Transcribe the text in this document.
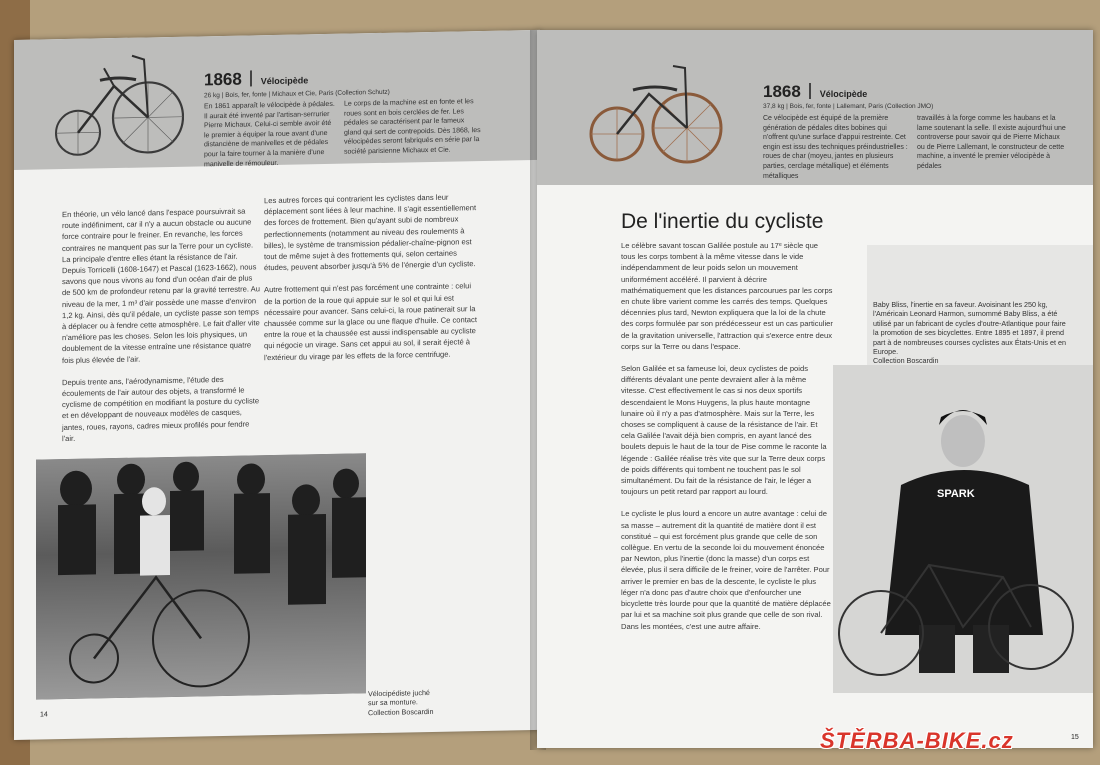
1868 Vélocipède
26 kg | Bois, fer, fonte | Michaux et Cie, Paris (Collection Schutz)
En 1861 apparaît le vélocipède à pédales. Il aurait été inventé par l'artisan-serrurier Pierre Michaux. Celui-ci semble avoir été le premier à équiper la roue avant d'une distanciène de manivelles et de pédales pour la faire tourner à la manière d'une manivelle de rémouleur.
Le corps de la machine est en fonte et les roues sont en bois cerclées de fer. Les pédales se caractérisent par le fameux gland qui sert de contrepoids. Dès 1868, les vélocipèdes seront fabriqués en série par la société parisienne Michaux et Cie.

En théorie, un vélo lancé dans l'espace poursuivrait sa route indéfiniment, car il n'y a aucun obstacle ou aucune force contraire pour le freiner. En revanche, les forces contraires ne manquent pas sur la Terre pour un cycliste. La principale d'entre elles étant la résistance de l'air. Depuis Torricelli (1608-1647) et Pascal (1623-1662), nous savons que nous vivons au fond d'un océan d'air de plus de 500 km de profondeur retenu par la gravité terrestre. Au niveau de la mer, 1 m³ d'air possède une masse d'environ 1,2 kg. Ainsi, dès qu'il pédale, un cycliste passe son temps à déplacer ou à fendre cette atmosphère. Le fait d'aller vite n'améliore pas les choses. Selon les lois physiques, un doublement de la vitesse entraîne une résistance quatre fois plus élevée de l'air.

Depuis trente ans, l'aérodynamisme, l'étude des écoulements de l'air autour des objets, a transformé le cyclisme de compétition en modifiant la posture du cycliste et en développant de nouveaux modèles de casques, jantes, roues, rayons, cadres mieux profilés pour fendre l'air.

Les autres forces qui contrarient les cyclistes dans leur déplacement sont liées à leur machine. Il s'agit essentiellement des forces de frottement. Bien qu'ayant subi de nombreux perfectionnements (notamment au niveau des roulements à billes), le système de transmission pédalier-chaîne-pignon est tout de même sujet à des frottements qui, selon certaines études, peuvent absorber jusqu'à 5% de l'énergie d'un cycliste.

Autre frottement qui n'est pas forcément une contrainte : celui de la portion de la roue qui appuie sur le sol et qui lui est nécessaire pour avancer. Sans celui-ci, la roue patinerait sur la chaussée comme sur la glace ou une flaque d'huile. Ce contact entre la roue et la chaussée est aussi indispensable au cycliste qui négocie un virage. Sans cet appui au sol, il serait éjecté à l'extérieur du virage par les effets de la force centrifuge.

Vélocipédiste juché
sur sa monture.
Collection Boscardin
14
1868 Vélocipède
37,8 kg | Bois, fer, fonte | Lallemant, Paris (Collection JMO)
Ce vélocipède est équipé de la première génération de pédales dites bobines qui n'offrent qu'une surface d'appui restreinte. Cet engin est issu des techniques préindustrielles : roues de char (moyeu, jantes en plusieurs parties, cerclage métallique) et éléments métalliques
travaillés à la forge comme les haubans et la lame soutenant la selle. Il existe aujourd'hui une controverse pour savoir qui de Pierre Michaux ou de Pierre Lallemant, le constructeur de cette machine, a inventé le premier vélocipède à pédales
De l'inertie du cycliste

Le célèbre savant toscan Galilée postule au 17ᵉ siècle que tous les corps tombent à la même vitesse dans le vide indépendamment de leur poids selon un mouvement uniformément accéléré. Il parvient à décrire mathématiquement que les distances parcourues par les corps en chute libre varient comme les carrés des temps. Quelques décennies plus tard, Newton expliquera que la loi de la chute des corps formulée par son prédécesseur est un cas particulier de la gravitation universelle, l'attraction qui s'exerce entre deux corps sur la Terre ou dans l'espace.

Selon Galilée et sa fameuse loi, deux cyclistes de poids différents dévalant une pente devraient aller à la même vitesse. C'est effectivement le cas si nos deux sportifs descendaient le Mons Huygens, la plus haute montagne lunaire où il n'y a pas d'atmosphère. Mais sur la Terre, les choses se compliquent à cause de la résistance de l'air. Et cela Galilée l'avait déjà bien compris, en ayant lancé des boulets depuis le haut de la tour de Pise comme le raconte la légende : Galilée réalise très vite que sur la Terre deux corps de poids différents qui tombent ne touchent pas le sol simultanément. Du fait de la résistance de l'air, le léger a toujours un petit retard par rapport au lourd.

Le cycliste le plus lourd a encore un autre avantage : celui de sa masse – autrement dit la quantité de matière dont il est constitué – qui est forcément plus grande que celle de son collègue. En vertu de la seconde loi du mouvement énoncée par Newton, plus l'inertie (donc la masse) d'un corps est élevée, plus il sera difficile de le freiner, voire de l'arrêter. Pour arriver le premier en bas de la descente, le cycliste le plus léger n'a donc pas d'autre choix que d'enfourcher une bicyclette très lourde pour que la quantité de matière déplacée par lui et sa machine soit plus grande que celle de son rival. Dans les montées, c'est une autre affaire.

Baby Bliss, l'inertie en sa faveur. Avoisinant les 250 kg, l'Américain Leonard Harmon, surnommé Baby Bliss, a été utilisé par un fabricant de cycles d'outre-Atlantique pour faire la promotion de ses bicyclettes. Entre 1895 et 1897, il prend part à de nombreuses courses cyclistes aux États-Unis et en Europe.
Collection Boscardin
SPARK
15
ŠTĚRBA-BIKE.cz
